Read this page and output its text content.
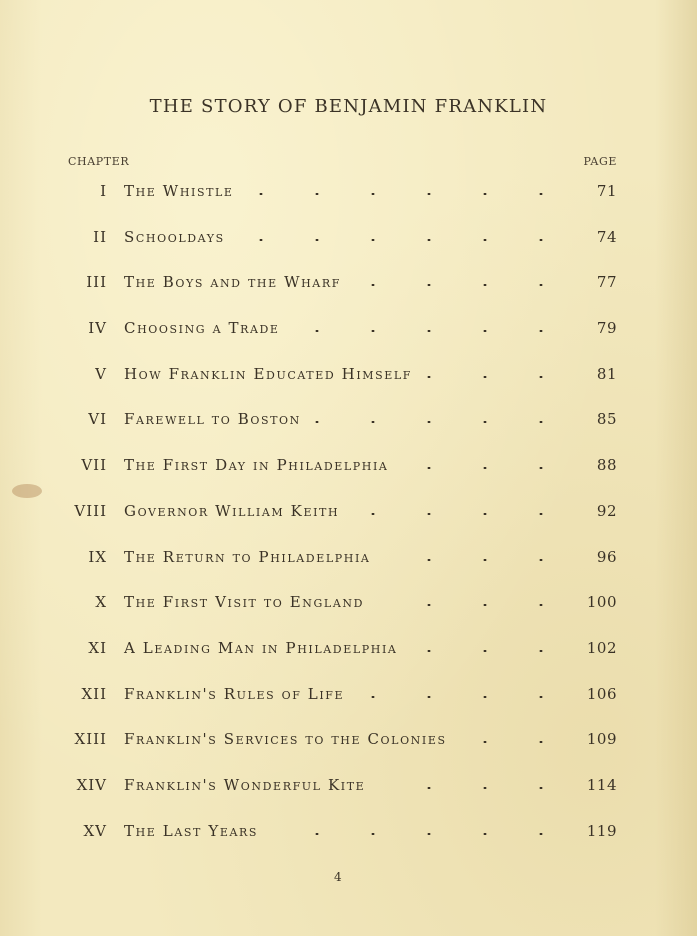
THE STORY OF BENJAMIN FRANKLIN
CHAPTER	PAGE
I The Whistle	71
II Schooldays	74
III The Boys and the Wharf	77
IV Choosing a Trade	79
V How Franklin Educated Himself	81
VI Farewell to Boston	85
VII The First Day in Philadelphia	88
VIII Governor William Keith	92
IX The Return to Philadelphia	96
X The First Visit to England	100
XI A Leading Man in Philadelphia	102
XII Franklin's Rules of Life	106
XIII Franklin's Services to the Colonies	109
XIV Franklin's Wonderful Kite	114
XV The Last Years	119
4
